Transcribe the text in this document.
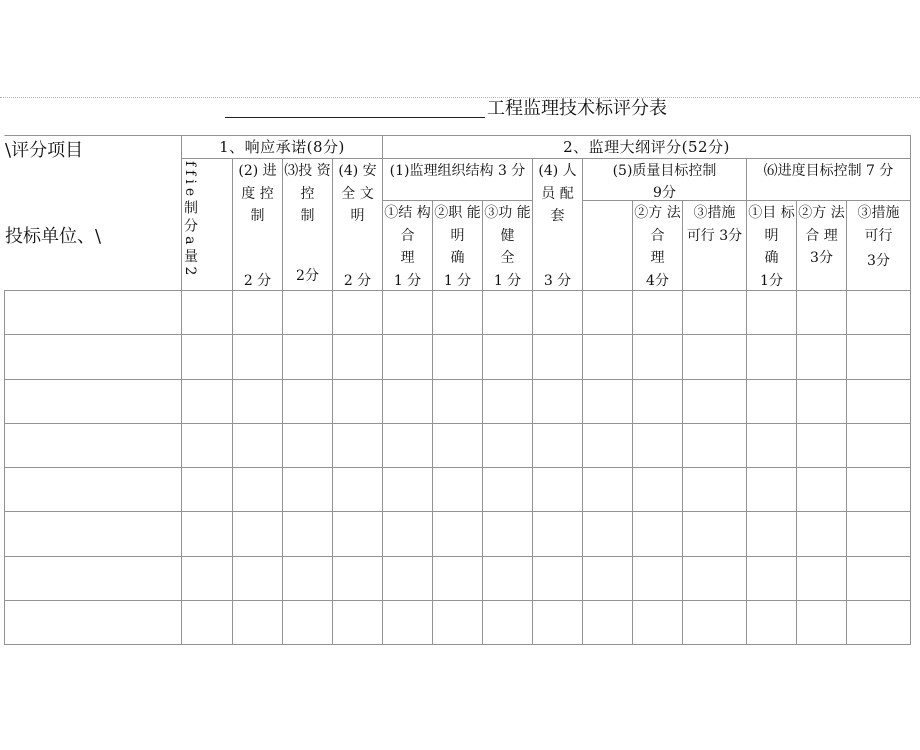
工程监理技术标评分表
\评分项目
投标单位、\
1、响应承诺(8分)	2、监理大纲评分(52分)
ffie制分a量2	(2) 进
度 控
制
2 分
⑶投 资
控
制
2分
(4) 安
全 文
明
2 分
(1)监理组织结构 3 分
①结 构
合
理
1 分
②职 能
明
确
1 分
③功 能
健
全
1 分
(4) 人
员 配
套
3 分
(5)质量目标控制
9分
②方 法
合
理
4分
③措施
可行 3分
⑹进度目标控制 7 分
①目 标
明
确
1分
②方 法
合 理
3分
③措施
可行
3分
